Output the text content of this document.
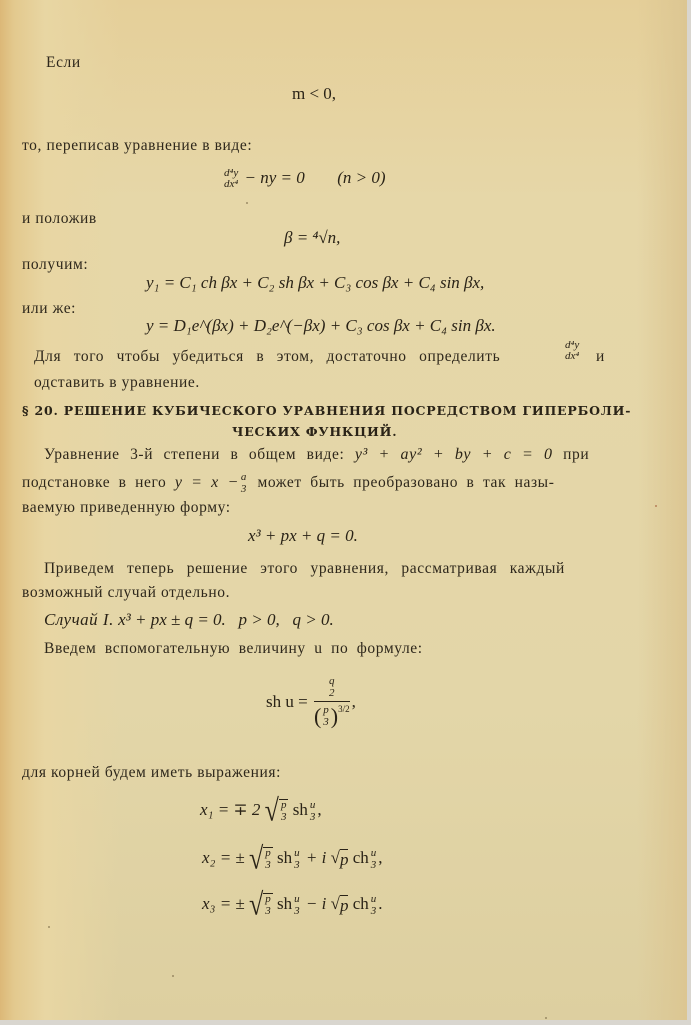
Если
m < 0,
то, переписав уравнение в виде:
d⁴y
dx⁴ − ny = 0 (n > 0)
и положив
β = ⁴√n,
получим:
y₁ = C₁ ch βx + C₂ sh βx + C₃ cos βx + C₄ sin βx,
или же:
y = D₁e^(βx) + D₂e^(−βx) + C₃ cos βx + C₄ sin βx.
Для того чтобы убедиться в этом, достаточно определить
d⁴y
dx⁴ и
одставить в уравнение.
§ 20. РЕШЕНИЕ КУБИЧЕСКОГО УРАВНЕНИЯ ПОСРЕДСТВОМ ГИПЕРБОЛИ-
ЧЕСКИХ ФУНКЦИЙ.
Уравнение 3-й степени в общем виде: y³ + ay² + by + c = 0 при
подстановке в него y = x − a
3 может быть преобразовано в так назы-
ваемую приведенную форму:
x³ + px + q = 0.
Приведем теперь решение этого уравнения, рассматривая каждый
возможный случай отдельно.
Случай I. x³ + px ± q = 0.   p > 0,   q > 0.
Введем вспомогательную величину u по формуле:
sh u = q
2
( p
3 )$^{3/2}$ ,
для корней будем иметь выражения:
x₁ = ∓ 2 √ p
3 sh u
3 ,
x₂ = ± √ p
3 sh u
3 + i √p ch u
3 ,
x₃ = ± √ p
3 sh u
3 − i √p ch u
3 .
